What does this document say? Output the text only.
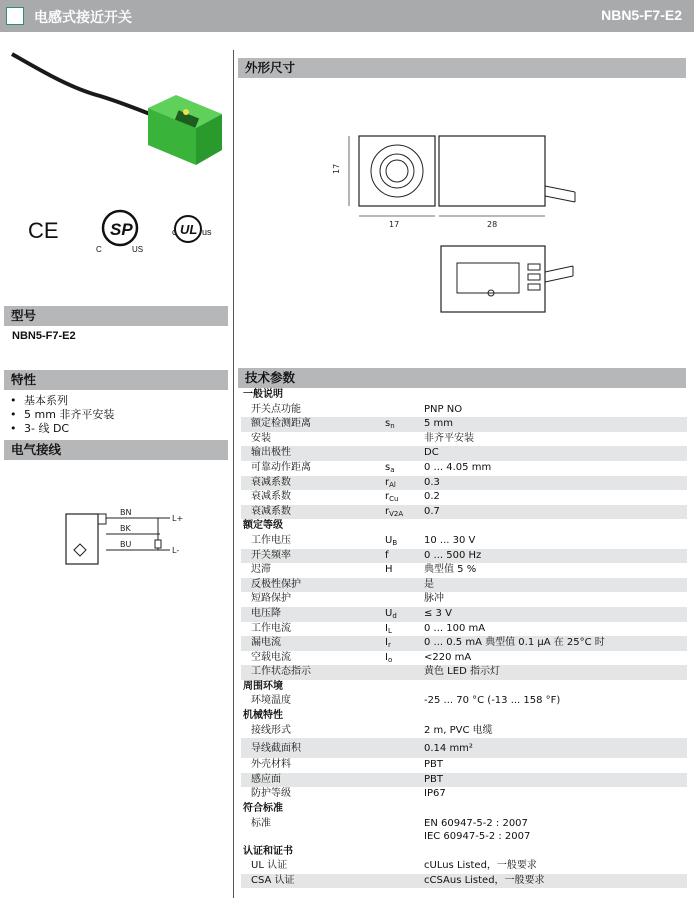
电感式接近开关	NBN5-F7-E2
CE	SP
C	US
c UL us
型号
NBN5-F7-E2
特性
• 基本系列
• 5 mm 非齐平安装
• 3- 线 DC
电气接线
BN
BK
BU
L+
L-
外形尺寸
17
17	28
技术参数
一般说明
开关点功能	PNP NO
额定检测距离	$s_n$	5 mm
安装	非齐平安装
输出极性	DC
可靠动作距离	$s_a$	0 ... 4.05 mm
衰减系数	$r_{Al}$	0.3
衰减系数	$r_{Cu}$	0.2
衰减系数	$r_{V2A}$ 0.7
额定等级
工作电压	$U_B$	10 ... 30 V
开关频率	f	0 ... 500 Hz
迟滞	H	典型值 5 %
反极性保护	是
短路保护	脉冲
电压降	$U_d$	≤ 3 V
工作电流	$I_L$	0 ... 100 mA
漏电流	$I_r$	0 ... 0.5 mA 典型值 0.1 µA 在 25°C 时
空载电流	$I_o$	<220 mA
工作状态指示	黄色 LED 指示灯
周围环境
环境温度	-25 ... 70 °C (-13 ... 158 °F)
机械特性
接线形式	2 m, PVC 电缆
导线截面积	0.14 mm²
外壳材料	PBT
感应面	PBT
防护等级	IP67
符合标准
标准	EN 60947-5-2 : 2007
IEC 60947-5-2 : 2007
认证和证书
UL 认证	cULus Listed，一般要求
CSA 认证	cCSAus Listed，一般要求
